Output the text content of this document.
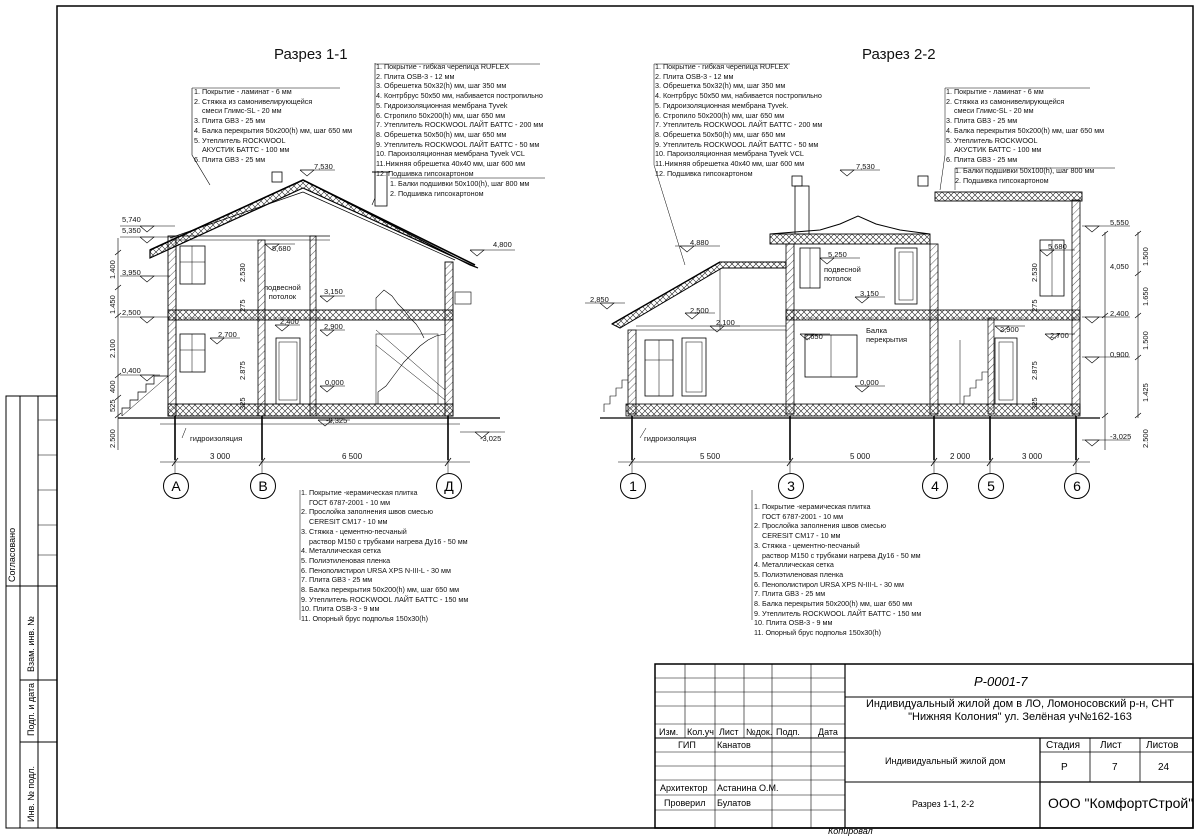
Разрез 1-1
1. Покрытие - гибкая черепица RUFLEX
2. Плита OSB-3 - 12 мм
3. Обрешетка 50х32(h) мм, шаг 350 мм
4. Контрбрус 50х50 мм, набивается постропильно
5. Гидроизоляционная мембрана Tyvek
6. Стропило 50х200(h) мм, шаг 650 мм
7. Утеплитель ROCKWOOL ЛАЙТ БАТТС - 200 мм
8. Обрешетка 50х50(h) мм, шаг 650 мм
9. Утеплитель ROCKWOOL ЛАЙТ БАТТС - 50 мм
10. Пароизоляционная мембрана Tyvek VCL
11.Нижняя обрешетка 40х40 мм, шаг 600 мм
12. Подшивка гипсокартоном
1. Покрытие - ламинат - 6 мм
2. Стяжка из самонивелирующейся
смеси Глимс-SL - 20 мм
3. Плита GB3 - 25 мм
4. Балка перекрытия 50х200(h) мм, шаг 650 мм
5. Утеплитель ROCKWOOL
АКУСТИК БАТТС - 100 мм
6. Плита GB3 - 25 мм
1. Балки подшивки 50х100(h), шаг 800 мм
2. Подшивка гипсокартоном
подвесной
потолок
гидроизоляция
7,530
5,740
5,350
5,680	4,800
3,150
2,900
2,700
2,400
0,400
0,000
-0,325
-3,025
3,950
2,500
1.400
1.450
2.100
400
525
2.500
2.530
275
2.875
325
3 000	6 500
А	В	Д
1. Покрытие -керамическая плитка
ГОСТ 6787-2001 - 10 мм
2. Прослойка заполнения швов смесью
CERESIT CM17 - 10 мм
3. Стяжка - цементно-песчаный
раствор М150 с трубками нагрева Ду16 - 50 мм
4. Металлическая сетка
5. Полиэтиленовая пленка
6. Пенополистирол URSA XPS N-III-L - 30 мм
7. Плита GB3 - 25 мм
8. Балка перекрытия 50х200(h) мм, шаг 650 мм
9. Утеплитель ROCKWOOL ЛАЙТ БАТТС - 150 мм
10. Плита OSB-3 - 9 мм
11. Опорный брус подполья 150х30(h)
Разрез 2-2
1. Покрытие - гибкая черепица RUFLEX
2. Плита OSB-3 - 12 мм
3. Обрешетка 50х32(h) мм, шаг 350 мм
4. Контрбрус 50х50 мм, набивается постропильно
5. Гидроизоляционная мембрана Tyvek.
6. Стропило 50х200(h) мм, шаг 650 мм
7. Утеплитель ROCKWOOL ЛАЙТ БАТТС - 200 мм
8. Обрешетка 50х50(h) мм, шаг 650 мм
9. Утеплитель ROCKWOOL ЛАЙТ БАТТС - 50 мм
10. Пароизоляционная мембрана Tyvek VCL
11.Нижняя обрешетка 40х40 мм, шаг 600 мм
12. Подшивка гипсокартоном
1. Покрытие - ламинат - 6 мм
2. Стяжка из самонивелирующейся
смеси Глимс-SL - 20 мм
3. Плита GB3 - 25 мм
4. Балка перекрытия 50х200(h) мм, шаг 650 мм
5. Утеплитель ROCKWOOL
АКУСТИК БАТТС - 100 мм
6. Плита GB3 - 25 мм
1. Балки подшивки 50х100(h), шаг 800 мм
2. Подшивка гипсокартоном
подвесной
потолок
Балка
перекрытия
гидроизоляция
7,530
4,880
5,250
5,550
5,680
4,050
2,850
3,150
2,500
2,100
2,400
2,900
2,700
2,650
0,900
0,000
-3,025
1.500
1.650
1.500
1.425
2.500
2.530
275
2.875
325
5 500	5 000	2 000	3 000
1	3	4	5	6
1. Покрытие -керамическая плитка
ГОСТ 6787-2001 - 10 мм
2. Прослойка заполнения швов смесью
CERESIT CM17 - 10 мм
3. Стяжка - цементно-песчаный
раствор М150 с трубками нагрева Ду16 - 50 мм
4. Металлическая сетка
5. Полиэтиленовая пленка
6. Пенополистирол URSA XPS N-III-L - 30 мм
7. Плита GB3 - 25 мм
8. Балка перекрытия 50х200(h) мм, шаг 650 мм
9. Утеплитель ROCKWOOL ЛАЙТ БАТТС - 150 мм
10. Плита OSB-3 - 9 мм
11. Опорный брус подполья 150х30(h)
Согласовано
Взам. инв. №
Подп. и дата
Инв. № подл.
Р-0001-7
Индивидуальный жилой дом в ЛО, Ломоносовский р-н, СНТ
"Нижняя Колония" ул. Зелёная уч№162-163
Изм. Кол.уч Лист №док. Подп. Дата
ГИП Канатов
Архитектор Астанина О.М.
Проверил Булатов
Индивидуальный жилой дом
Разрез 1-1, 2-2
Стадия Лист Листов
Р	7	24
ООО "КомфортСтрой"
Копировал
